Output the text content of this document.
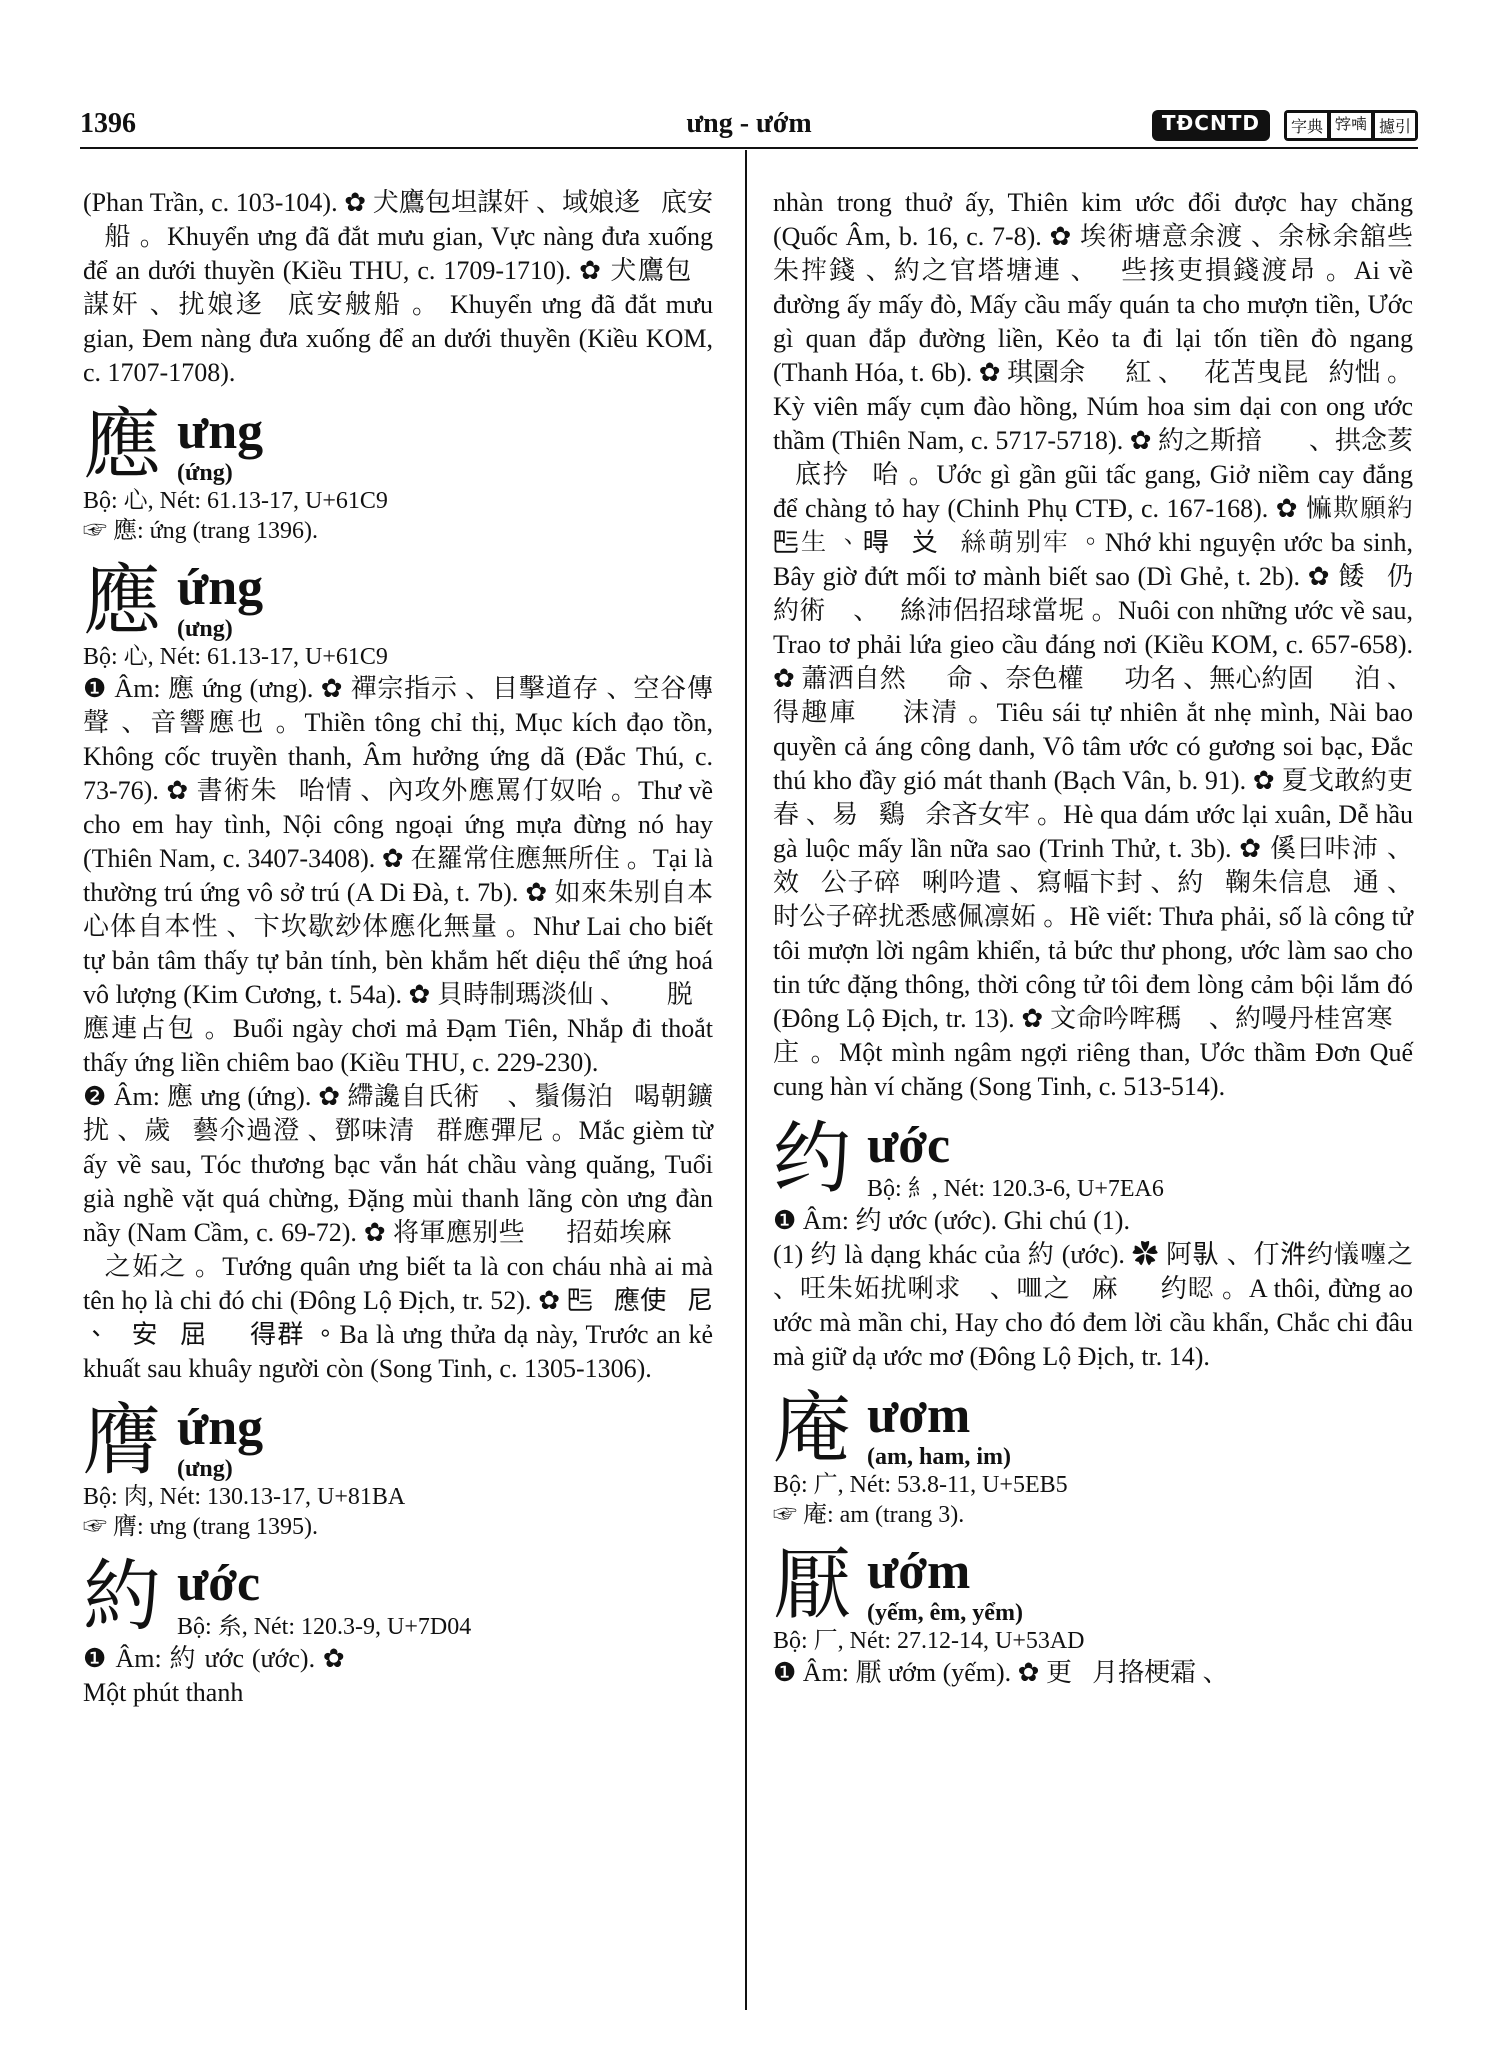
1396	ưng - ướm	TĐCNTD	字典 𡨸喃 攄引

(Phan Trần, c. 103-104). ✿ 犬鷹包坦謀奸 、域娘迻𨤔底安𨤔船 。Khuyển ưng đã đắt mưu gian, Vực nàng đưa xuống để an dưới thuyền (Kiều THU, c. 1709-1710). ✿ 犬鷹包𩛷謀奸 、扰娘迻𨤔底安𦨭船 。 Khuyển ưng đã đắt mưu gian, Đem nàng đưa xuống để an dưới thuyền (Kiều KOM, c. 1707-1708).

應 ưng
(ứng)
Bộ: 心, Nét: 61.13-17, U+61C9
☞ 應: ứng (trang 1396).
應 ứng
(ưng)
Bộ: 心, Nét: 61.13-17, U+61C9
❶ Âm: 應 ứng (ưng). ✿ 禪宗指示 、目擊道存 、空谷傳聲 、音響應也 。Thiền tông chỉ thị, Mục kích đạo tồn, Không cốc truyền thanh, Âm hưởng ứng dã (Đắc Thú, c. 73-76). ✿ 書術朱𡞕咍情 、內攻外應罵仃奴咍 。Thư về cho em hay tình, Nội công ngoại ứng mựa đừng nó hay (Thiên Nam, c. 3407-3408). ✿ 在羅常住應無所住 。Tại là thường trú ứng vô sở trú (A Di Đà, t. 7b). ✿ 如來朱别自本心体自本性 、卞坎歇玅体應化無量 。Như Lai cho biết tự bản tâm thấy tự bản tính, bèn khắm hết diệu thể ứng hoá vô lượng (Kim Cương, t. 54a). ✿ 貝時制瑪淡仙 、𠃅𢀨脱𧡊應連占包 。Buổi ngày chơi mả Đạm Tiên, Nhắp đi thoắt thấy ứng liền chiêm bao (Kiều THU, c. 229-230).
❷ Âm: 應 ưng (ứng). ✿ 𦄂讒自氏術𢷀 、鬚傷泊𩈘喝朝鑛扰 、歲𦽸藝尒過澄 、鄧味清𣼭群應彈尼 。Mắc gièm từ ấy về sau, Tóc thương bạc vắn hát chầu vàng quăng, Tuổi già nghề vặt quá chừng, Đặng mùi thanh lãng còn ưng đàn nầy (Nam Cầm, c. 69-72). ✿ 将軍應别些𢧚𥚄招茹埃麻𥘀𠀲𢧚之妬之 。Tướng quân ưng biết ta là con cháu nhà ai mà tên họ là chi đó chi (Đông Lộ Địch, tr. 52). ✿ 𠀧𢧚應使𦓡尼 、𩛷安𠃣屈𢷀𡗶得群 。Ba là ưng thửa dạ này, Trước an kẻ khuất sau khuây người còn (Song Tinh, c. 1305-1306).
膺 ứng
(ưng)
Bộ: 肉, Nét: 130.13-17, U+81BA
☞ 膺: ưng (trang 1395).
約 ước
Bộ: 糸, Nét: 120.3-9, U+7D04
❶ Âm: 約 ước (ước). ✿ 𠃅丿清閑工課意 、千金約对特咍庄 。Một phút thanh

nhàn trong thuở ấy, Thiên kim ước đổi được hay chăng (Quốc Âm, b. 16, c. 7-8). ✿ 埃術塘意余渡 、余栐余舘些朱𢭂錢 、約之官塔塘連 、𡗶些㧡吏損錢渡昂 。Ai về đường ấy mấy đò, Mấy cầu mấy quán ta cho mượn tiền, Ước gì quan đắp đường liền, Kẻo ta đi lại tốn tiền đò ngang (Thanh Hóa, t. 6b). ✿ 琪園余𣘃𣘈紅 、𦮲花苫曳昆𧋆約㤕 。Kỳ viên mấy cụm đào hồng, Núm hoa sim dại con ong ước thầm (Thiên Nam, c. 5717-5718). ✿ 約之斯揞𨖲𦖑 、拱念荄𦷾底扲𤈜咍 。Ước gì gần gũi tấc gang, Giở niềm cay đắng để chàng tỏ hay (Chinh Phụ CTĐ, c. 167-168). ✿ 𢠩欺願約𠀧生 、𣈜𣉹𠬠𦀊絲萌别牢 。Nhớ khi nguyện ước ba sinh, Bây giờ đứt mối tơ mành biết sao (Dì Ghẻ, t. 2b). ✿ 餧𩛷仍約術𢷀 、𢷀絲沛侶招球當坭 。Nuôi con những ước về sau, Trao tơ phải lứa gieo cầu đáng nơi (Kiều KOM, c. 657-658). ✿ 蕭洒自然𠃣𢬣命 、奈色權𡾵𦲿功名 、無心約固𨫊𤈜泊 、得趣庫𣎏𢷀沫清 。Tiêu sái tự nhiên ắt nhẹ mình, Nài bao quyền cả áng công danh, Vô tâm ước có gương soi bạc, Đắc thú kho đầy gió mát thanh (Bạch Vân, b. 91). ✿ 夏戈敢約吏春 、易𠊚鷄𢷀余吝女牢 。Hè qua dám ước lại xuân, Dễ hầu gà luộc mấy lần nữa sao (Trinh Thử, t. 3b). ✿ 傒曰咔沛 、效𢧚公子碎𡃚唎吟遣 、寫幅卞封 、約𠃣鞠朱信息𢵋通 、时公子碎扰悉感佩凛妬 。Hề viết: Thưa phải, số là công tử tôi mượn lời ngâm khiển, tả bức thư phong, ước làm sao cho tin tức đặng thông, thời công tử tôi đem lòng cảm bội lắm đó (Đông Lộ Địch, tr. 13). ✿ 文命吟哰𥡗𢷀 、約𠼦丹桂宮寒𡾵庄 。Một mình ngâm ngợi riêng than, Ước thầm Đơn Quế cung hàn ví chăng (Song Tinh, c. 513-514).

约 ước
Bộ: 糹, Nét: 120.3-6, U+7EA6
❶ Âm: 约 ước (ước). Ghi chú (1).
(1) 约 là dạng khác của 約 (ước). ✿ 阿𠊛 、仃𣴓约𢣂𡃚之 、㕵朱妬扰唎求𢜠 、𠰘之𠅍麻𢧚𦓡约𥆾 。A thôi, đừng ao ước mà mần chi, Hay cho đó đem lời cầu khẩn, Chắc chi đâu mà giữ dạ ước mơ (Đông Lộ Địch, tr. 14).
庵 ươm
(am, ham, im)
Bộ: 广, Nét: 53.8-11, U+5EB5
☞ 庵: am (trang 3).
厭 ướm
(yếm, êm, yểm)
Bộ: 厂, Nét: 27.12-14, U+53AD
❶ Âm: 厭 ướm (yếm). ✿ 更𠏥月挌梗霜 、𠰘
